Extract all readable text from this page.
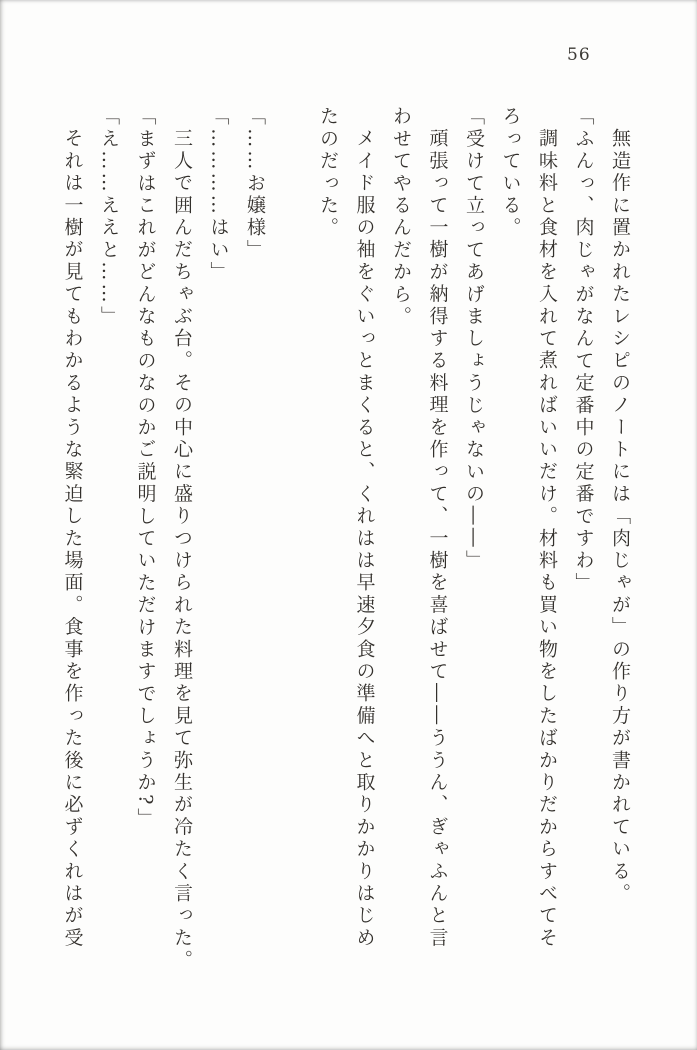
56

無造作に置かれたレシピのノートには「肉じゃが」の作り方が書かれている。

「ふんっ、肉じゃがなんて定番中の定番ですわ」

調味料と食材を入れて煮ればいいだけ。材料も買い物をしたばかりだからすべてそ

ろっている。

「受けて立ってあげましょうじゃないの――」

頑張って一樹が納得する料理を作って、一樹を喜ばせて――ううん、ぎゃふんと言

わせてやるんだから。

メイド服の袖をぐいっとまくると、くれはは早速夕食の準備へと取りかかりはじめ

たのだった。

「……お嬢様」

「…………はい」

三人で囲んだちゃぶ台。その中心に盛りつけられた料理を見て弥生が冷たく言った。

「まずはこれがどんなものなのかご説明していただけますでしょうか?」

「え……ええと……」

それは一樹が見てもわかるような緊迫した場面。食事を作った後に必ずくれはが受
